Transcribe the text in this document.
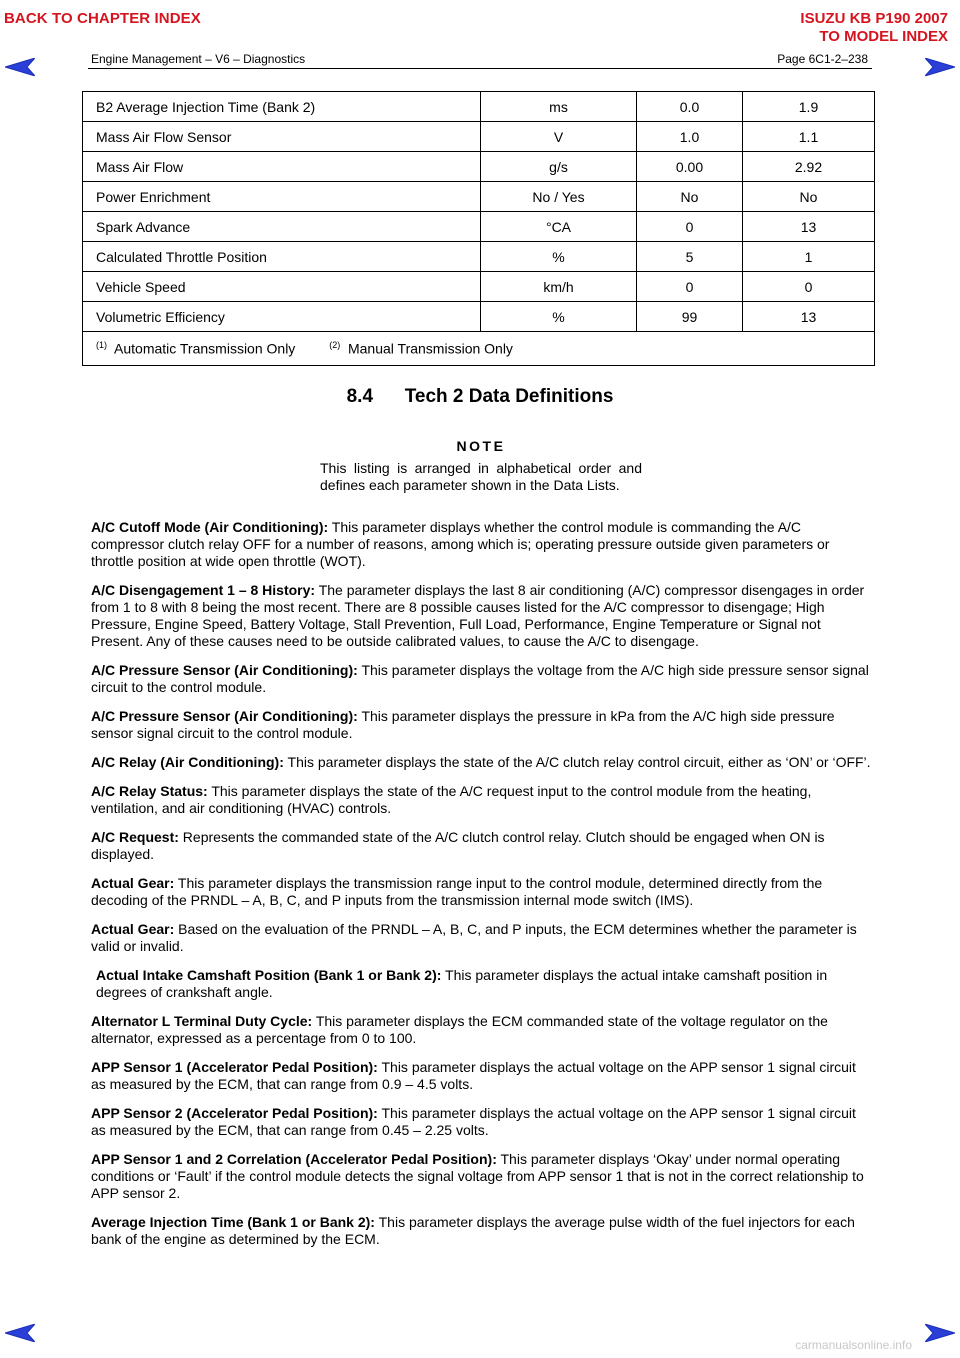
BACK TO CHAPTER INDEX	ISUZU KB P190 2007
TO MODEL INDEX
Engine Management – V6 – Diagnostics	Page 6C1-2–238
B2 Average Injection Time (Bank 2)	ms	0.0	1.9
Mass Air Flow Sensor	V	1.0	1.1
Mass Air Flow	g/s	0.00	2.92
Power Enrichment	No / Yes	No	No
Spark Advance	°CA	0	13
Calculated Throttle Position	%	5	1
Vehicle Speed	km/h	0	0
Volumetric Efficiency	%	99	13
$^{(1)}$ Automatic Transmission Only $^{(2)}$ Manual Transmission Only			
8.4      Tech 2 Data Definitions
NOTE
This listing is arranged in alphabetical order and defines each parameter shown in the Data Lists.
A/C Cutoff Mode (Air Conditioning): This parameter displays whether the control module is commanding the A/C compressor clutch relay OFF for a number of reasons, among which is; operating pressure outside given parameters or throttle position at wide open throttle (WOT).
A/C Disengagement 1 – 8 History: The parameter displays the last 8 air conditioning (A/C) compressor disengages in order from 1 to 8 with 8 being the most recent. There are 8 possible causes listed for the A/C compressor to disengage; High Pressure, Engine Speed, Battery Voltage, Stall Prevention, Full Load, Performance, Engine Temperature or Signal not Present. Any of these causes need to be outside calibrated values, to cause the A/C to disengage.
A/C Pressure Sensor (Air Conditioning): This parameter displays the voltage from the A/C high side pressure sensor signal circuit to the control module.
A/C Pressure Sensor (Air Conditioning): This parameter displays the pressure in kPa from the A/C high side pressure sensor signal circuit to the control module.
A/C Relay (Air Conditioning): This parameter displays the state of the A/C clutch relay control circuit, either as ‘ON’ or ‘OFF’.
A/C Relay Status: This parameter displays the state of the A/C request input to the control module from the heating, ventilation, and air conditioning (HVAC) controls.
A/C Request: Represents the commanded state of the A/C clutch control relay. Clutch should be engaged when ON is displayed.
Actual Gear: This parameter displays the transmission range input to the control module, determined directly from the decoding of the PRNDL – A, B, C, and P inputs from the transmission internal mode switch (IMS).
Actual Gear: Based on the evaluation of the PRNDL – A, B, C, and P inputs, the ECM determines whether the parameter is valid or invalid.
Actual Intake Camshaft Position (Bank 1 or Bank 2): This parameter displays the actual intake camshaft position in degrees of crankshaft angle.
Alternator L Terminal Duty Cycle: This parameter displays the ECM commanded state of the voltage regulator on the alternator, expressed as a percentage from 0 to 100.
APP Sensor 1 (Accelerator Pedal Position): This parameter displays the actual voltage on the APP sensor 1 signal circuit as measured by the ECM, that can range from 0.9 – 4.5 volts.
APP Sensor 2 (Accelerator Pedal Position): This parameter displays the actual voltage on the APP sensor 1 signal circuit as measured by the ECM, that can range from 0.45 – 2.25 volts.
APP Sensor 1 and 2 Correlation (Accelerator Pedal Position): This parameter displays ‘Okay’ under normal operating conditions or ‘Fault’ if the control module detects the signal voltage from APP sensor 1 that is not in the correct relationship to APP sensor 2.
Average Injection Time (Bank 1 or Bank 2): This parameter displays the average pulse width of the fuel injectors for each bank of the engine as determined by the ECM.
carmanualsonline.info
